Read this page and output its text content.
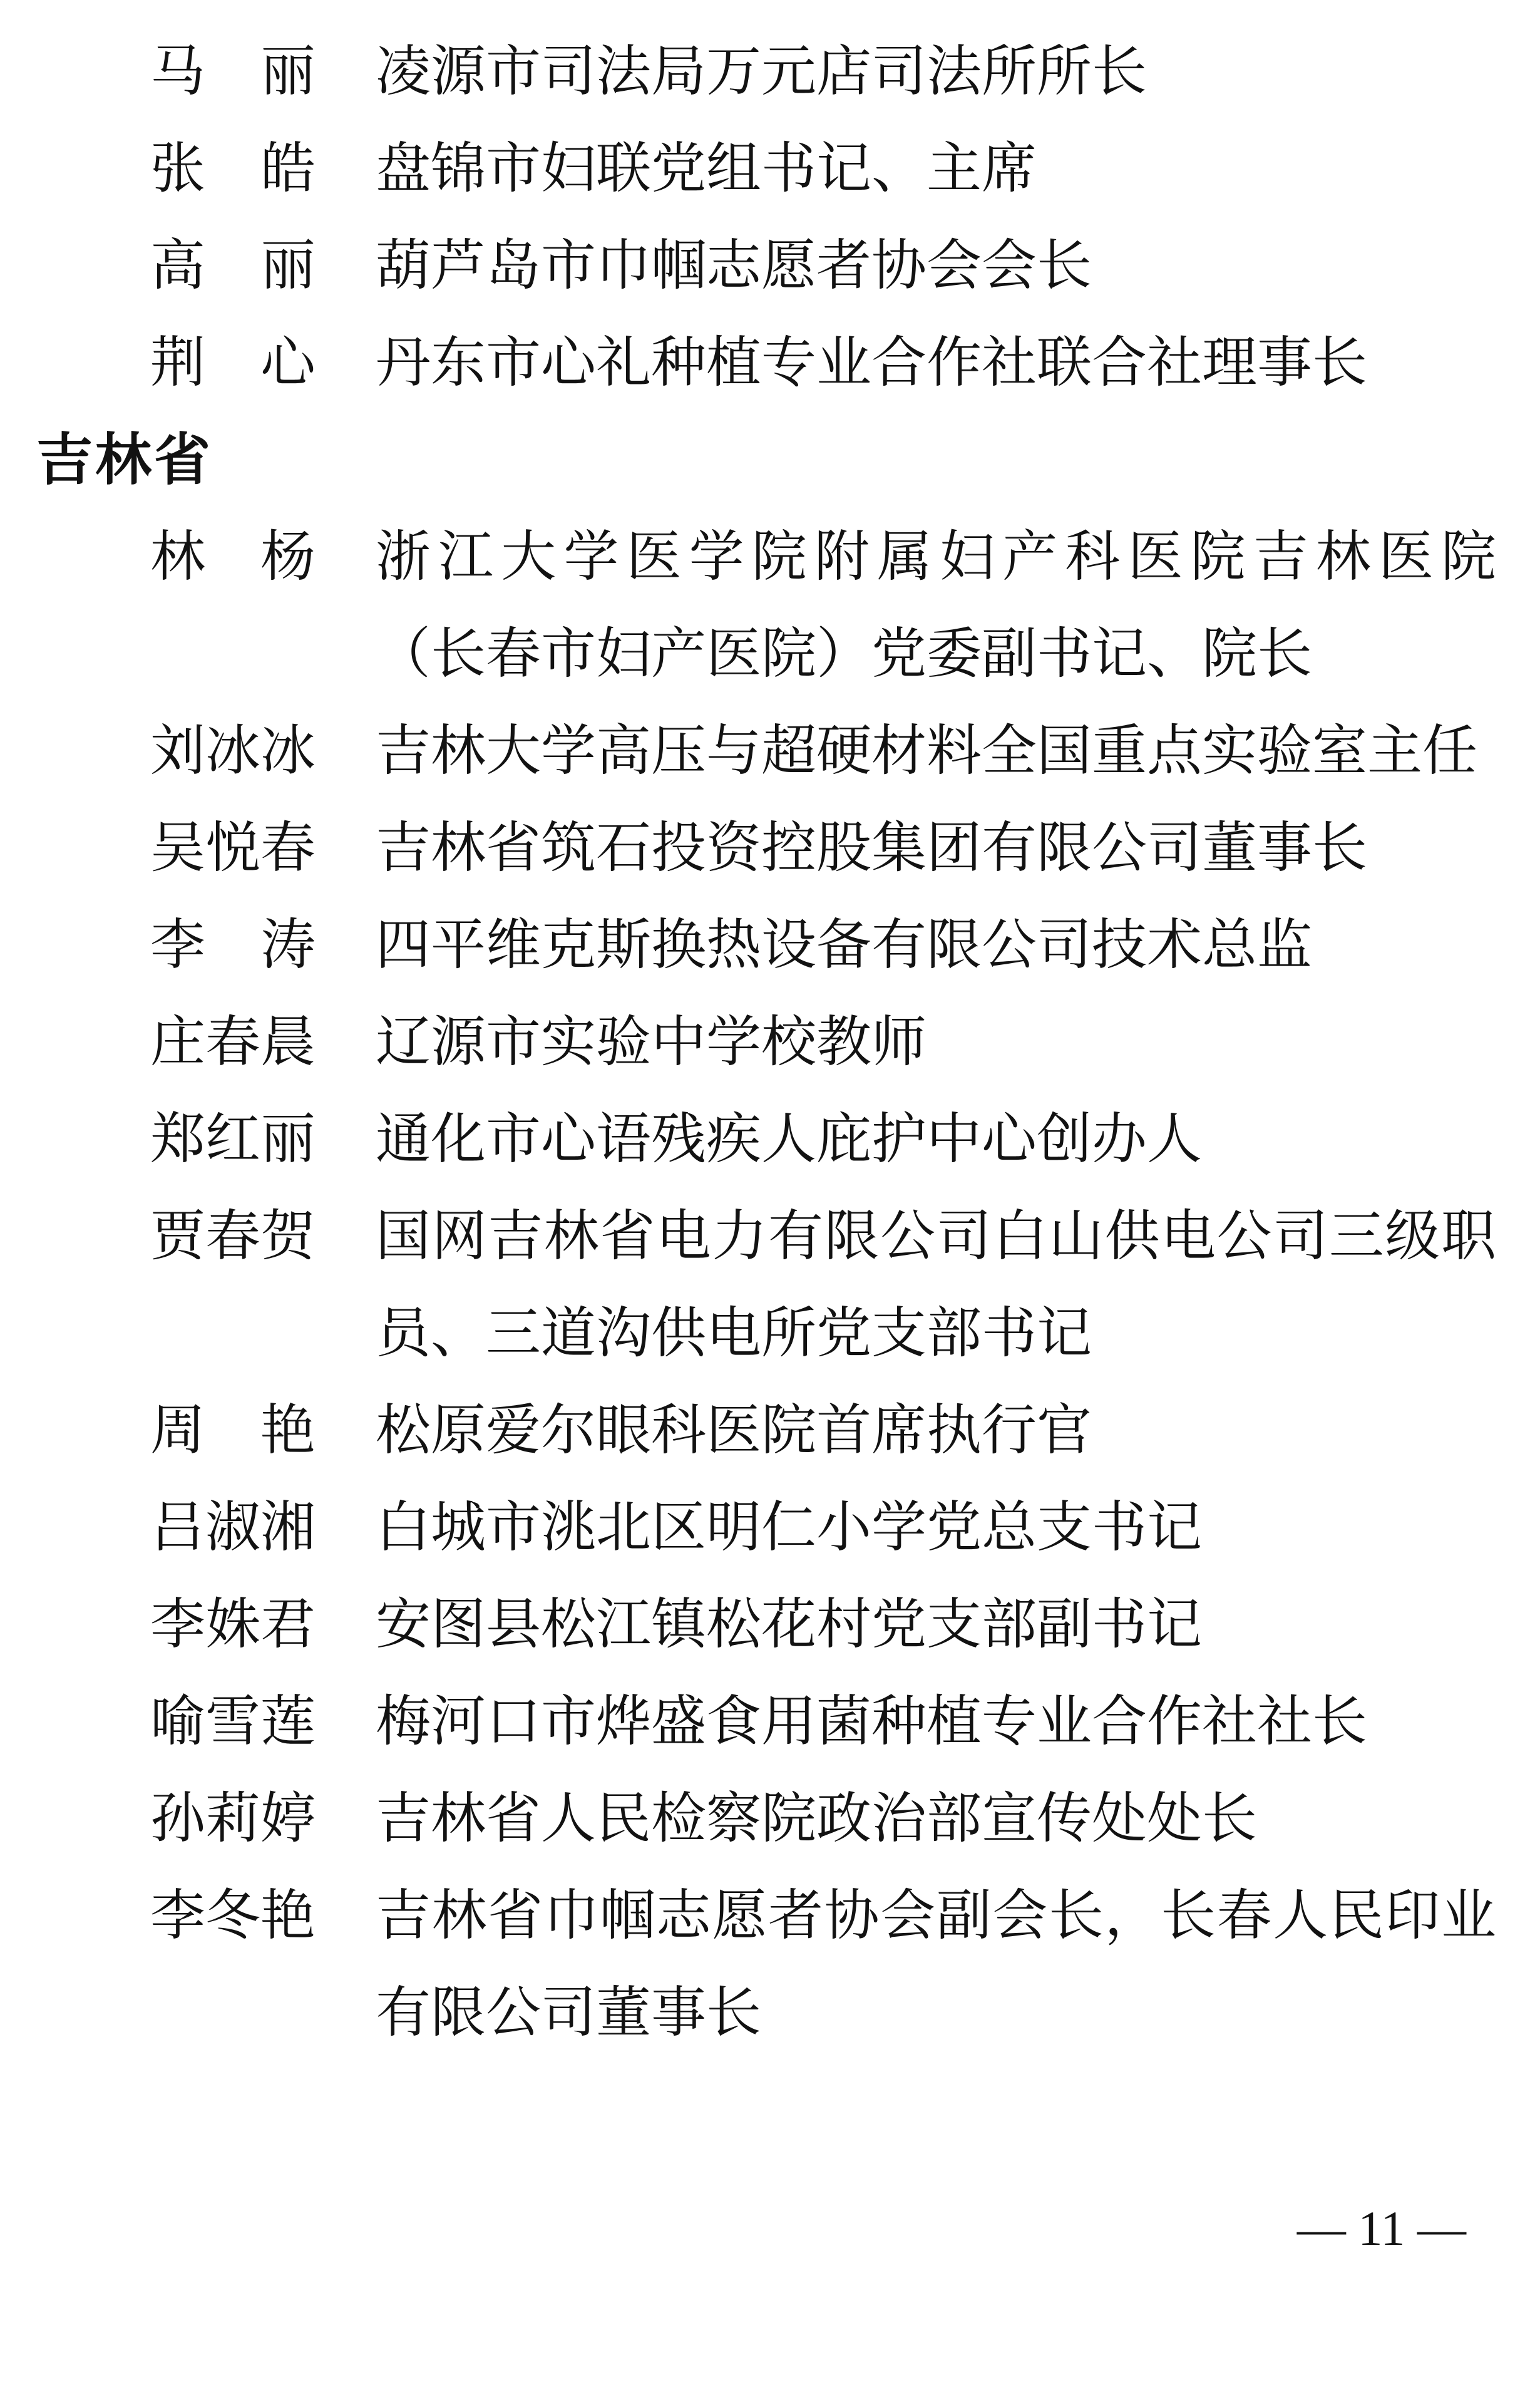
马丽 凌源市司法局万元店司法所所长
张皓 盘锦市妇联党组书记、主席
高丽 葫芦岛市巾帼志愿者协会会长
荆心 丹东市心礼种植专业合作社联合社理事长
吉林省
林杨 浙江大学医学院附属妇产科医院吉林医院
（长春市妇产医院）党委副书记、院长
刘冰冰 吉林大学高压与超硬材料全国重点实验室主任
吴悦春 吉林省筑石投资控股集团有限公司董事长
李涛 四平维克斯换热设备有限公司技术总监
庄春晨 辽源市实验中学校教师
郑红丽 通化市心语残疾人庇护中心创办人
贾春贺 国网吉林省电力有限公司白山供电公司三级职
员、三道沟供电所党支部书记
周艳 松原爱尔眼科医院首席执行官
吕淑湘 白城市洮北区明仁小学党总支书记
李姝君 安图县松江镇松花村党支部副书记
喻雪莲 梅河口市烨盛食用菌种植专业合作社社长
孙莉婷 吉林省人民检察院政治部宣传处处长
李冬艳 吉林省巾帼志愿者协会副会长，长春人民印业
有限公司董事长
— 11 —
